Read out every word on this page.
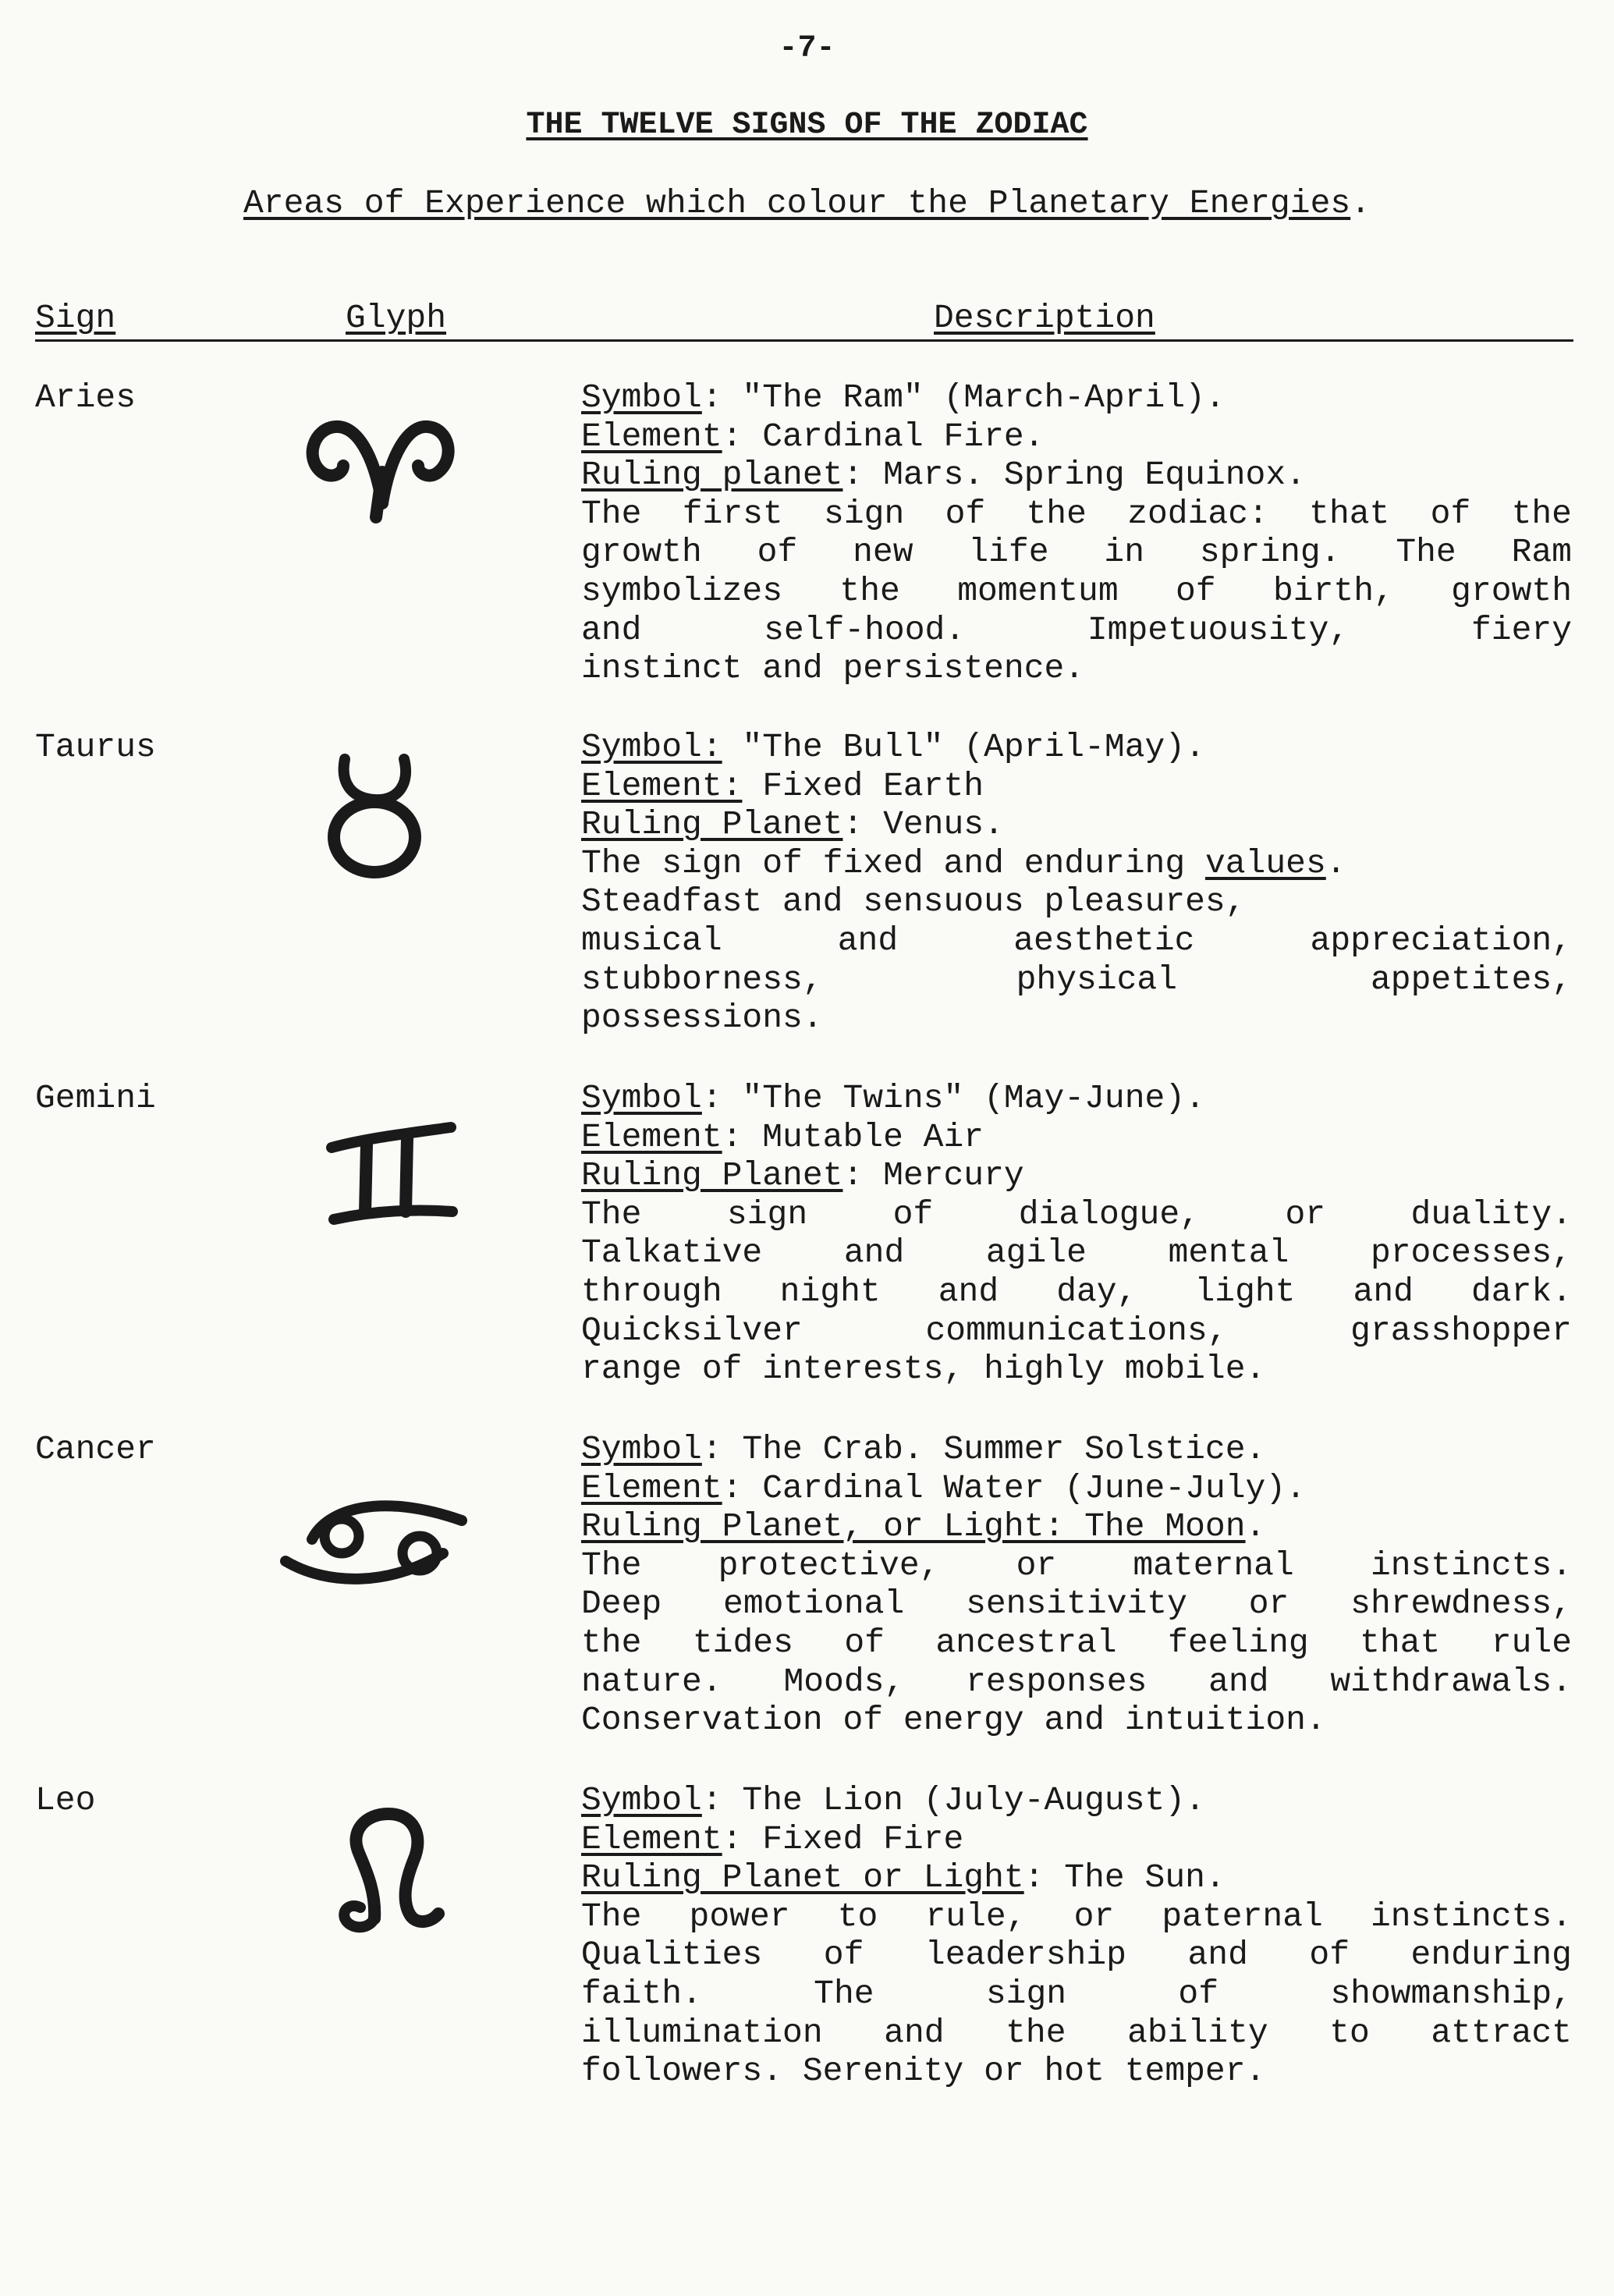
-7-
THE TWELVE SIGNS OF THE ZODIAC
Areas of Experience which colour the Planetary Energies.
Sign	Glyph	Description
Aries	Symbol: "The Ram" (March-April).
Element: Cardinal Fire.
Ruling planet: Mars. Spring Equinox.
The first sign of the zodiac: that of the
growth of new life in spring. The Ram
symbolizes the momentum of birth, growth
and self-hood. Impetuousity, fiery
instinct and persistence.
Taurus	Symbol: "The Bull" (April-May).
Element: Fixed Earth
Ruling Planet: Venus.
The sign of fixed and enduring values.
Steadfast and sensuous pleasures,
musical and aesthetic appreciation,
stubborness, physical appetites,
possessions.
Gemini	Symbol: "The Twins" (May-June).
Element: Mutable Air
Ruling Planet: Mercury
The sign of dialogue, or duality.
Talkative and agile mental processes,
through night and day, light and dark.
Quicksilver communications, grasshopper
range of interests, highly mobile.
Cancer	Symbol: The Crab. Summer Solstice.
Element: Cardinal Water (June-July).
Ruling Planet, or Light: The Moon.
The protective, or maternal instincts.
Deep emotional sensitivity or shrewdness,
the tides of ancestral feeling that rule
nature. Moods, responses and withdrawals.
Conservation of energy and intuition.
Leo	Symbol: The Lion (July-August).
Element: Fixed Fire
Ruling Planet or Light: The Sun.
The power to rule, or paternal instincts.
Qualities of leadership and of enduring
faith. The sign of showmanship,
illumination and the ability to attract
followers. Serenity or hot temper.
